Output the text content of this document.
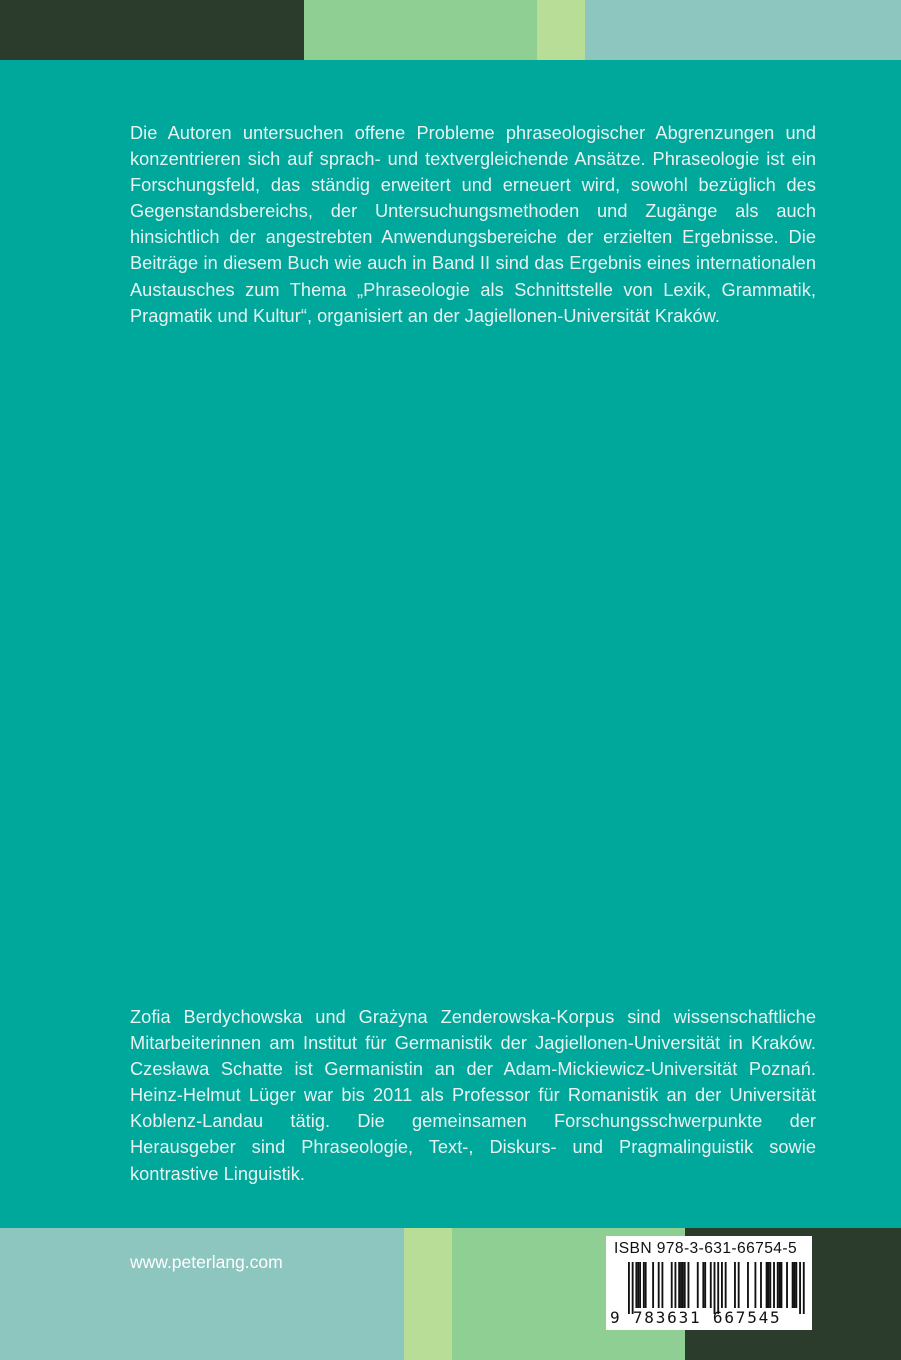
Die Autoren untersuchen offene Probleme phraseologischer Abgrenzungen und konzentrieren sich auf sprach- und textvergleichende Ansätze. Phraseologie ist ein Forschungsfeld, das ständig erweitert und erneuert wird, sowohl bezüglich des Gegenstandsbereichs, der Untersuchungsmethoden und Zugänge als auch hinsichtlich der angestrebten Anwendungsbereiche der erzielten Ergebnisse. Die Beiträge in diesem Buch wie auch in Band II sind das Ergebnis eines internationalen Austausches zum Thema „Phraseologie als Schnittstelle von Lexik, Grammatik, Pragmatik und Kultur“, organisiert an der Jagiellonen-Universität Kraków.

Zofia Berdychowska und Grażyna Zenderowska-Korpus sind wissenschaftliche Mitarbeiterinnen am Institut für Germanistik der Jagiellonen-Universität in Kraków. Czesława Schatte ist Germanistin an der Adam-Mickiewicz-Universität Poznań. Heinz-Helmut Lüger war bis 2011 als Professor für Romanistik an der Universität Koblenz-Landau tätig. Die gemeinsamen Forschungsschwerpunkte der Herausgeber sind Phraseologie, Text-, Diskurs- und Pragmalinguistik sowie kontrastive Linguistik.

www.peterlang.com
ISBN 978-3-631-66754-5
9 783631 667545
